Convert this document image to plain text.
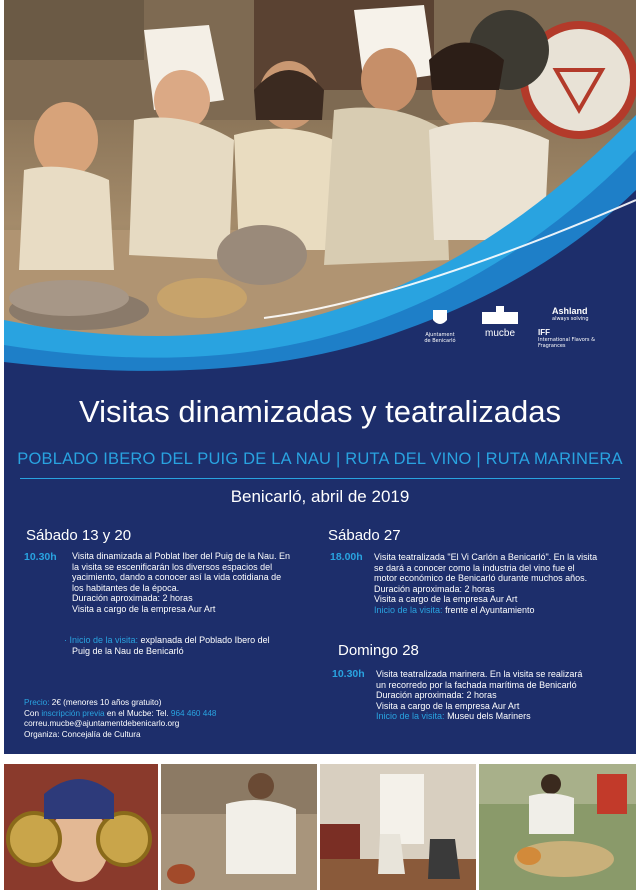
Ajuntament
de Benicarló
mucbe
Ashland
always solving
IFF
International Flavors & Fragrances
Visitas dinamizadas y teatralizadas
POBLADO IBERO DEL PUIG DE LA NAU | RUTA DEL VINO | RUTA MARINERA
Benicarló, abril de 2019
Sábado 13 y 20
10.30h Visita dinamizada al Poblat Iber del Puig de la Nau. En

la visita se escenificarán los diversos espacios del

yacimiento, dando a conocer así la vida cotidiana de

los habitantes de la época.

Duración aproximada: 2 horas

Visita a cargo de la empresa Aur Art

· Inicio de la visita: explanada del Poblado Ibero del

Puig de la Nau de Benicarló

Sábado 27
18.00h Visita teatralizada "El Vi Carlón a Benicarló". En la visita

se dará a conocer como la industria del vino fue el

motor económico de Benicarló durante muchos años.

Duración aproximada: 2 horas

Visita a cargo de la empresa Aur Art

Inicio de la visita: frente el Ayuntamiento

Domingo 28
10.30h Visita teatralizada marinera. En la visita se realizará

un recorredo por la fachada marítima de Benicarló

Duración aproximada: 2 horas

Visita a cargo de la empresa Aur Art

Inicio de la visita: Museu dels Mariners

Precio: 2€ (menores 10 años gratuito)

Con inscripción previa en el Mucbe: Tel. 964 460 448

correu.mucbe@ajuntamentdebenicarlo.org

Organiza: Concejalía de Cultura
